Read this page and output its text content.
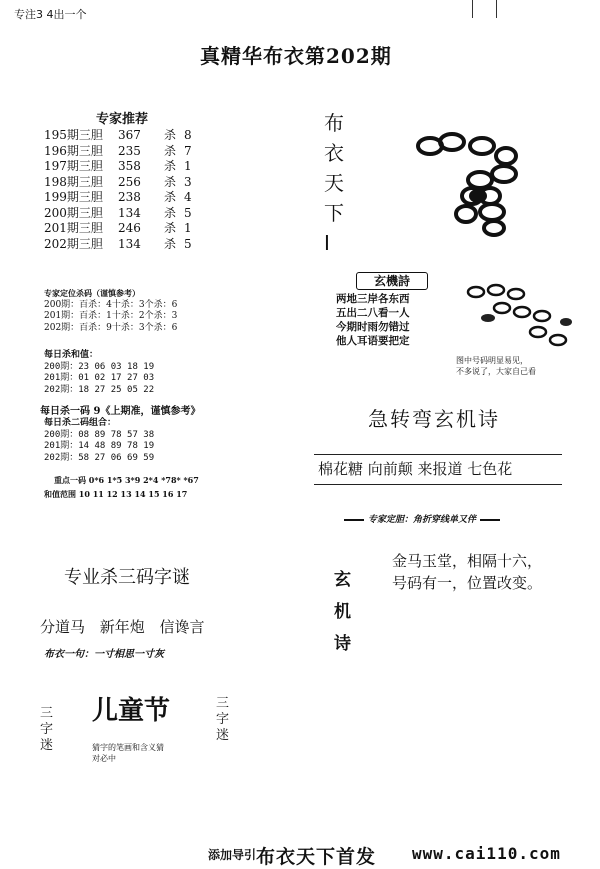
专注3 4出一个
真精华布衣第202期
专家推荐
195期三胆 367 杀 8
196期三胆 235 杀 7
197期三胆 358 杀 1
198期三胆 256 杀 3
199期三胆 238 杀 4
200期三胆 134 杀 5
201期三胆 246 杀 1
202期三胆 134 杀 5
专家定位杀码（谨慎参考）
200期：百杀：4十杀：3个杀：6
201期：百杀：1十杀：2个杀：3
202期：百杀：9十杀：3个杀：6
每日杀和值：
200期：23 06 03 18 19
201期：01 02 17 27 03
202期：18 27 25 05 22
每日杀一码 9《上期准，谨慎参考》
每日杀二码组合：
200期：08 89 78 57 38
201期：14 48 89 78 19
202期：58 27 06 69 59
重点一码 0*6 1*5 3*9 2*4 *78* *67
和值范围 10 11 12 13 14 15 16 17
专业杀三码字谜
分道马 新年炮 信谗言
布衣一句：一寸相思一寸灰
三字迷
儿童节	三字迷
猜字的笔画和含义猜
对必中
布衣天下I
玄機詩
两地三岸各东西
五出二八看一人
今期时雨勿错过
他人耳语要把定
图中号码明显易见，
不多说了，大家自己看
急转弯玄机诗
棉花糖 向前颠 来报道 七色花
专家定胆：角折穿线单又伴
玄机诗
金马玉堂，相隔十六，
号码有一，位置改变。
添加导引 布衣天下首发 www.cai110.com
